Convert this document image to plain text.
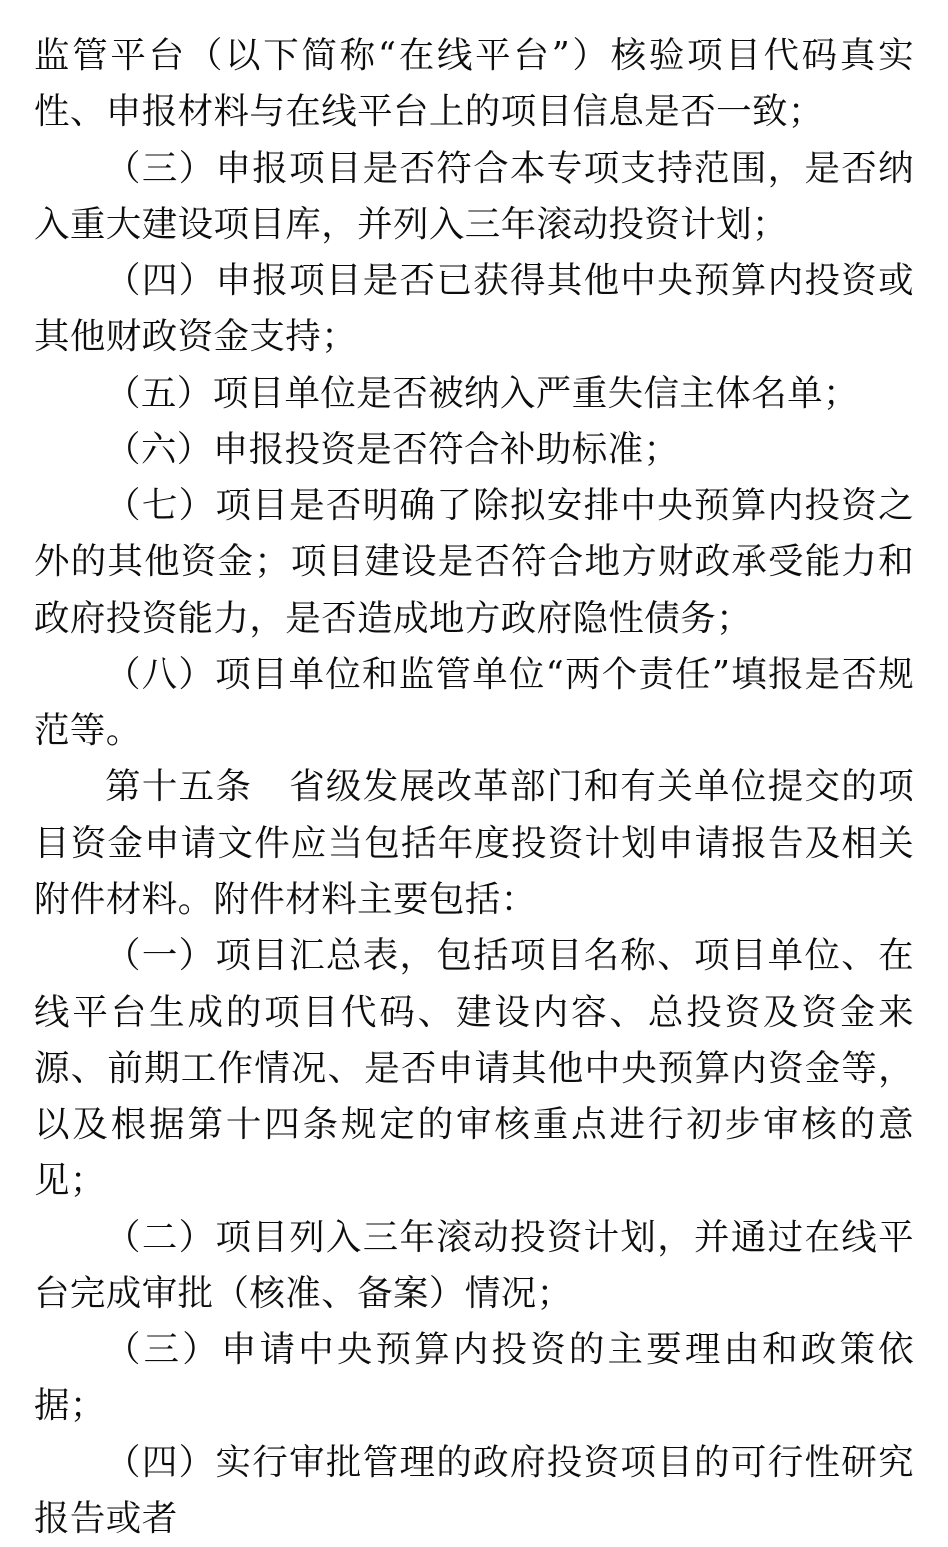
监管平台（以下简称“在线平台”）核验项目代码真实性、申报材料与在线平台上的项目信息是否一致；

（三）申报项目是否符合本专项支持范围，是否纳入重大建设项目库，并列入三年滚动投资计划；

（四）申报项目是否已获得其他中央预算内投资或其他财政资金支持；

（五）项目单位是否被纳入严重失信主体名单；

（六）申报投资是否符合补助标准；

（七）项目是否明确了除拟安排中央预算内投资之外的其他资金；项目建设是否符合地方财政承受能力和政府投资能力，是否造成地方政府隐性债务；

（八）项目单位和监管单位“两个责任”填报是否规范等。

第十五条　省级发展改革部门和有关单位提交的项目资金申请文件应当包括年度投资计划申请报告及相关附件材料。附件材料主要包括：

（一）项目汇总表，包括项目名称、项目单位、在线平台生成的项目代码、建设内容、总投资及资金来源、前期工作情况、是否申请其他中央预算内资金等，以及根据第十四条规定的审核重点进行初步审核的意见；

（二）项目列入三年滚动投资计划，并通过在线平台完成审批（核准、备案）情况；

（三）申请中央预算内投资的主要理由和政策依据；

（四）实行审批管理的政府投资项目的可行性研究报告或者
